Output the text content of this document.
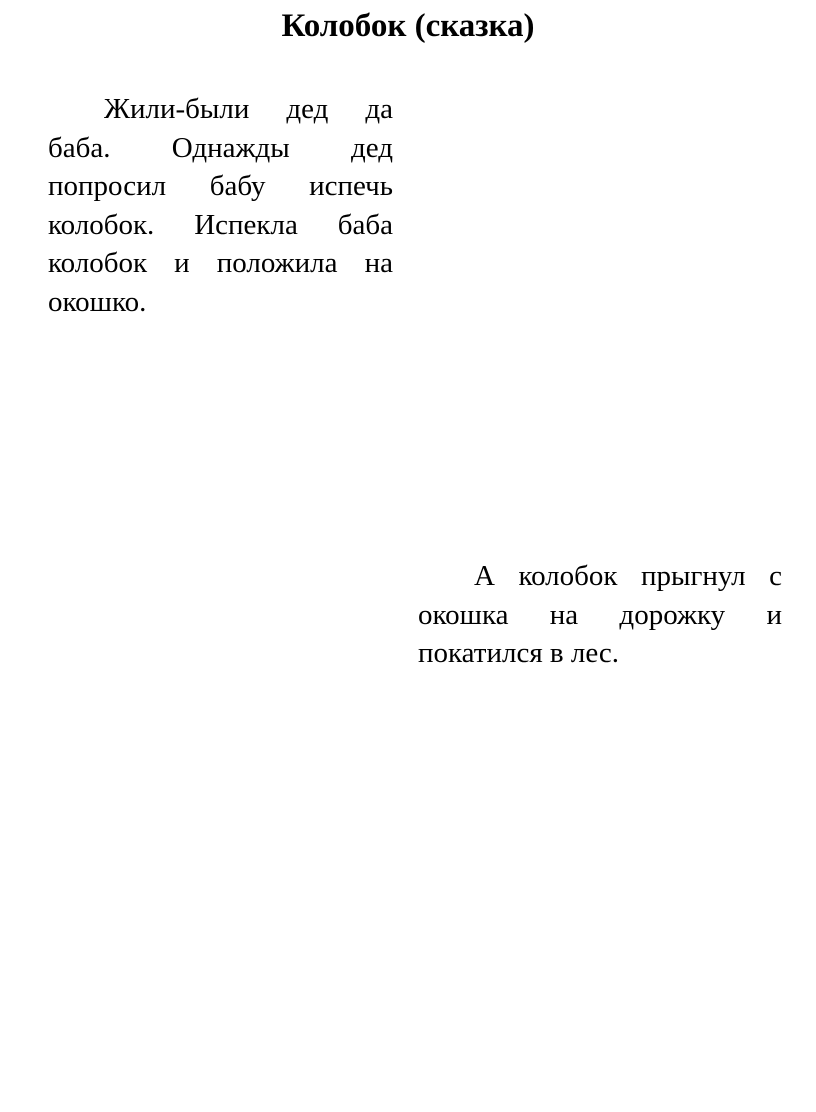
Колобок (сказка)

Жили-были дед да баба. Однажды дед попросил бабу испечь колобок. Испекла баба колобок и положила на окошко.

А колобок прыгнул с окошка на дорожку и покатился в лес.
